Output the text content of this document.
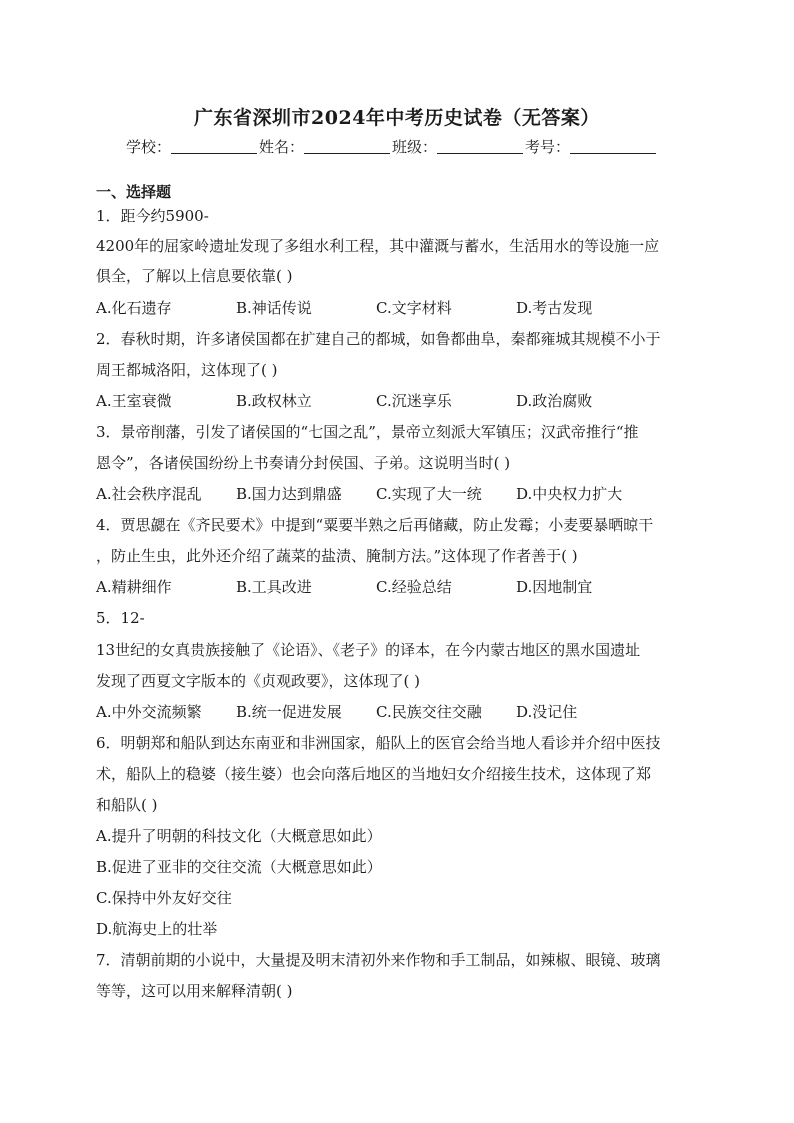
广东省深圳市2024年中考历史试卷（无答案）
学校：	姓名：	班级：	考号：
一、选择题
1．距今约5900-
4200年的屈家岭遗址发现了多组水利工程，其中灌溉与蓄水，生活用水的等设施一应
俱全，了解以上信息要依靠( )
A.化石遗存	B.神话传说	C.文字材料	D.考古发现
2．春秋时期，许多诸侯国都在扩建自己的都城，如鲁都曲阜，秦都雍城其规模不小于
周王都城洛阳，这体现了( )
A.王室衰微	B.政权林立	C.沉迷享乐	D.政治腐败
3．景帝削藩，引发了诸侯国的“七国之乱”，景帝立刻派大军镇压；汉武帝推行“推
恩令”，各诸侯国纷纷上书奏请分封侯国、子弟。这说明当时( )
A.社会秩序混乱 B.国力达到鼎盛 C.实现了大一统 D.中央权力扩大
4．贾思勰在《齐民要术》中提到“粟要半熟之后再储藏，防止发霉；小麦要暴晒晾干
，防止生虫，此外还介绍了蔬菜的盐渍、腌制方法。”这体现了作者善于( )
A.精耕细作	B.工具改进	C.经验总结	D.因地制宜
5．12-
13世纪的女真贵族接触了《论语》、《老子》的译本，在今内蒙古地区的黑水国遗址
发现了西夏文字版本的《贞观政要》，这体现了( )
A.中外交流频繁 B.统一促进发展 C.民族交往交融 D.没记住
6．明朝郑和船队到达东南亚和非洲国家，船队上的医官会给当地人看诊并介绍中医技
术，船队上的稳婆（接生婆）也会向落后地区的当地妇女介绍接生技术，这体现了郑
和船队( )
A.提升了明朝的科技文化（大概意思如此）
B.促进了亚非的交往交流（大概意思如此）
C.保持中外友好交往
D.航海史上的壮举
7．清朝前期的小说中，大量提及明末清初外来作物和手工制品，如辣椒、眼镜、玻璃
等等，这可以用来解释清朝( )
